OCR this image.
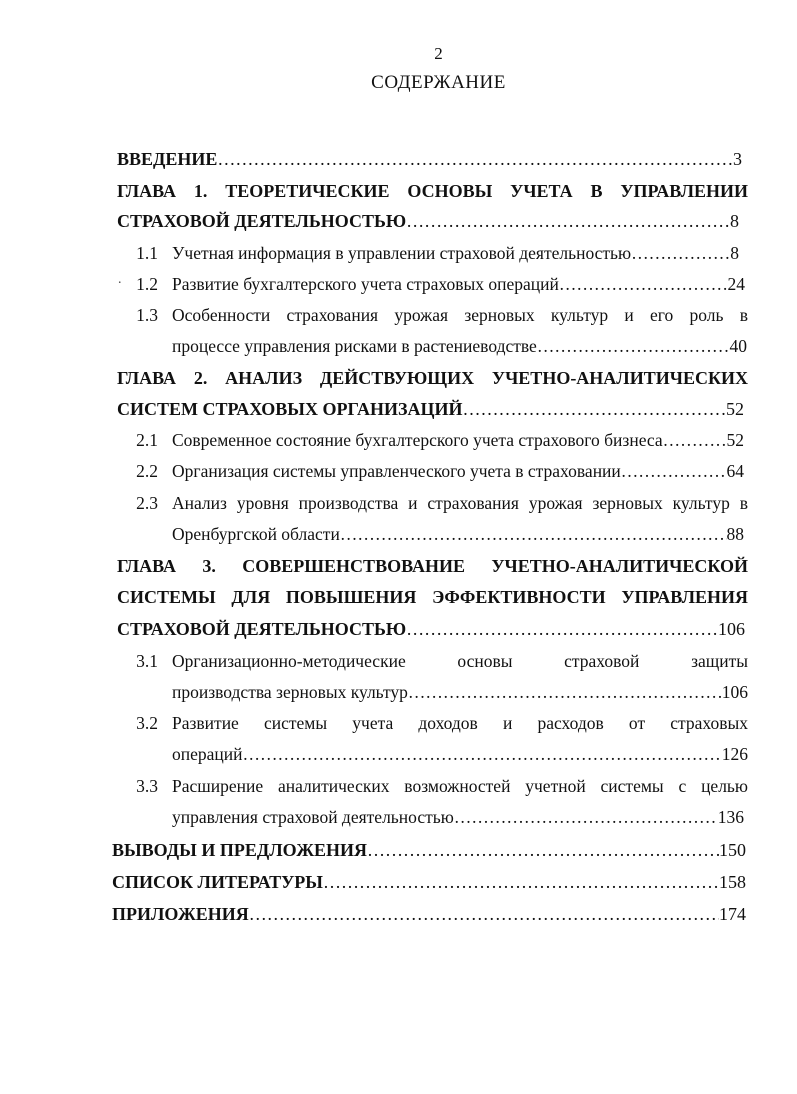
2
СОДЕРЖАНИЕ
ВВЕДЕНИЕ ………………………………………………………………………………………………………………………………………………………………………	3
ГЛАВА 1. ТЕОРЕТИЧЕСКИЕ ОСНОВЫ УЧЕТА В УПРАВЛЕНИИ
СТРАХОВОЙ ДЕЯТЕЛЬНОСТЬЮ ………………………………………………………………………………………………………………………………………………………………………	8
1.1 Учетная информация в управлении страховой деятельностью ………………………………………………………………………………………………………………………………………………………………………	8
. 1.2 Развитие бухгалтерского учета страховых операций ………………………………………………………………………………………………………………………………………………………………………	24
1.3 Особенности страхования урожая зерновых культур и его роль в
процессе управления рисками в растениеводстве ………………………………………………………………………………………………………………………………………………………………………	40
ГЛАВА 2. АНАЛИЗ ДЕЙСТВУЮЩИХ УЧЕТНО-АНАЛИТИЧЕСКИХ
СИСТЕМ СТРАХОВЫХ ОРГАНИЗАЦИЙ ………………………………………………………………………………………………………………………………………………………………………	52
2.1 Современное состояние бухгалтерского учета страхового бизнеса ………………………………………………………………………………………………………………………………………………………………………	52
2.2 Организация системы управленческого учета в страховании ………………………………………………………………………………………………………………………………………………………………………	64
2.3 Анализ уровня производства и страхования урожая зерновых культур в
Оренбургской области ………………………………………………………………………………………………………………………………………………………………………	88
ГЛАВА 3. СОВЕРШЕНСТВОВАНИЕ УЧЕТНО-АНАЛИТИЧЕСКОЙ
СИСТЕМЫ ДЛЯ ПОВЫШЕНИЯ ЭФФЕКТИВНОСТИ УПРАВЛЕНИЯ
СТРАХОВОЙ ДЕЯТЕЛЬНОСТЬЮ ………………………………………………………………………………………………………………………………………………………………………	106
3.1 Организационно-методические основы страховой защиты
производства зерновых культур ………………………………………………………………………………………………………………………………………………………………………	106
3.2 Развитие системы учета доходов и расходов от страховых
операций ………………………………………………………………………………………………………………………………………………………………………	126
3.3 Расширение аналитических возможностей учетной системы с целью
управления страховой деятельностью ………………………………………………………………………………………………………………………………………………………………………	136
ВЫВОДЫ И ПРЕДЛОЖЕНИЯ ………………………………………………………………………………………………………………………………………………………………………	150
СПИСОК ЛИТЕРАТУРЫ ………………………………………………………………………………………………………………………………………………………………………	158
ПРИЛОЖЕНИЯ ………………………………………………………………………………………………………………………………………………………………………	174
